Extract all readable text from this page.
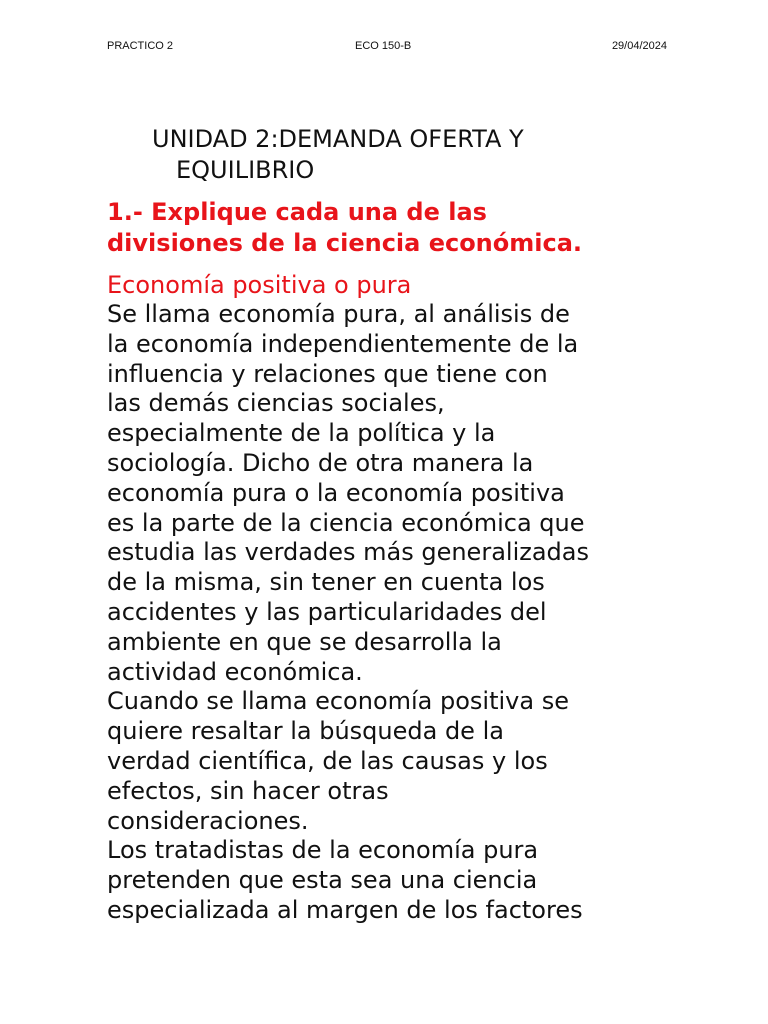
PRACTICO 2	ECO 150-B	29/04/2024
UNIDAD 2:DEMANDA OFERTA Y
EQUILIBRIO
1.- Explique cada una de las
divisiones de la ciencia económica.
Economía positiva o pura
Se llama economía pura, al análisis de
la economía independientemente de la
influencia y relaciones que tiene con
las demás ciencias sociales,
especialmente de la política y la
sociología. Dicho de otra manera la
economía pura o la economía positiva
es la parte de la ciencia económica que
estudia las verdades más generalizadas
de la misma, sin tener en cuenta los
accidentes y las particularidades del
ambiente en que se desarrolla la
actividad económica.
Cuando se llama economía positiva se
quiere resaltar la búsqueda de la
verdad científica, de las causas y los
efectos, sin hacer otras
consideraciones.
Los tratadistas de la economía pura
pretenden que esta sea una ciencia
especializada al margen de los factores
